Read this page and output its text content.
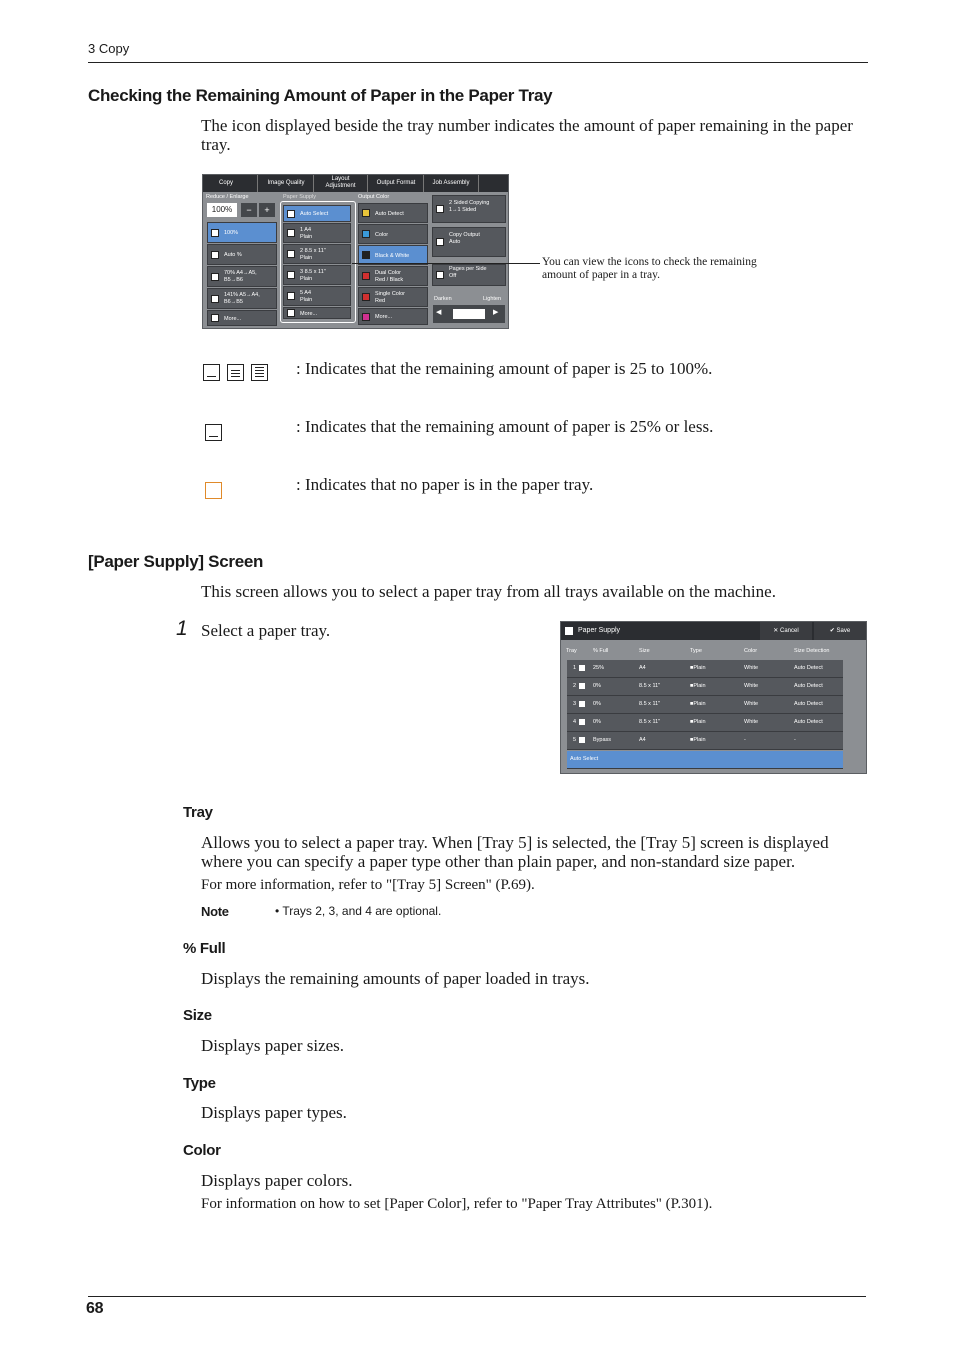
3 Copy
Checking the Remaining Amount of Paper in the Paper Tray
The icon displayed beside the tray number indicates the amount of paper remaining in the paper tray.
Copy	Image Quality
Layout
Adjustment	Output Format	Job Assembly
Reduce / Enlarge
100%	−	+
100%
Auto %
70% A4→A5,
B5→B6
141% A5→A4,
B6→B5
More...
Paper Supply
Auto Select
1 A4
Plain
2 8.5 x 11"
Plain
3 8.5 x 11"
Plain
5 A4
Plain
More...
Output Color
Auto Detect
Color
Black & White
Dual Color
Red / Black
Single Color
Red
More...
2 Sided Copying
1→1 Sided
Copy Output
Auto
Pages per Side
Off
Darken	Lighten
◀	▶
You can view the icons to check the remaining
amount of paper in a tray.
: Indicates that the remaining amount of paper is 25 to 100%.
: Indicates that the remaining amount of paper is 25% or less.
: Indicates that no paper is in the paper tray.
[Paper Supply] Screen
This screen allows you to select a paper tray from all trays available on the machine.
1 Select a paper tray.	Paper Supply	✕ Cancel	✔ Save
Tray	% Full	Size	Type	Color	Size Detection
1	25%	A4	■ Plain	White	Auto Detect
2	0%	8.5 x 11"	■ Plain	White	Auto Detect
3	0%	8.5 x 11"	■ Plain	White	Auto Detect
4	0%	8.5 x 11"	■ Plain	White	Auto Detect
5	Bypass	A4	■ Plain	-	-
Auto Select
Tray
Allows you to select a paper tray. When [Tray 5] is selected, the [Tray 5] screen is displayed where you can specify a paper type other than plain paper, and non-standard size paper.
For more information, refer to "[Tray 5] Screen" (P.69).
Note	• Trays 2, 3, and 4 are optional.
% Full
Displays the remaining amounts of paper loaded in trays.
Size
Displays paper sizes.
Type
Displays paper types.
Color
Displays paper colors.
For information on how to set [Paper Color], refer to "Paper Tray Attributes" (P.301).
68
